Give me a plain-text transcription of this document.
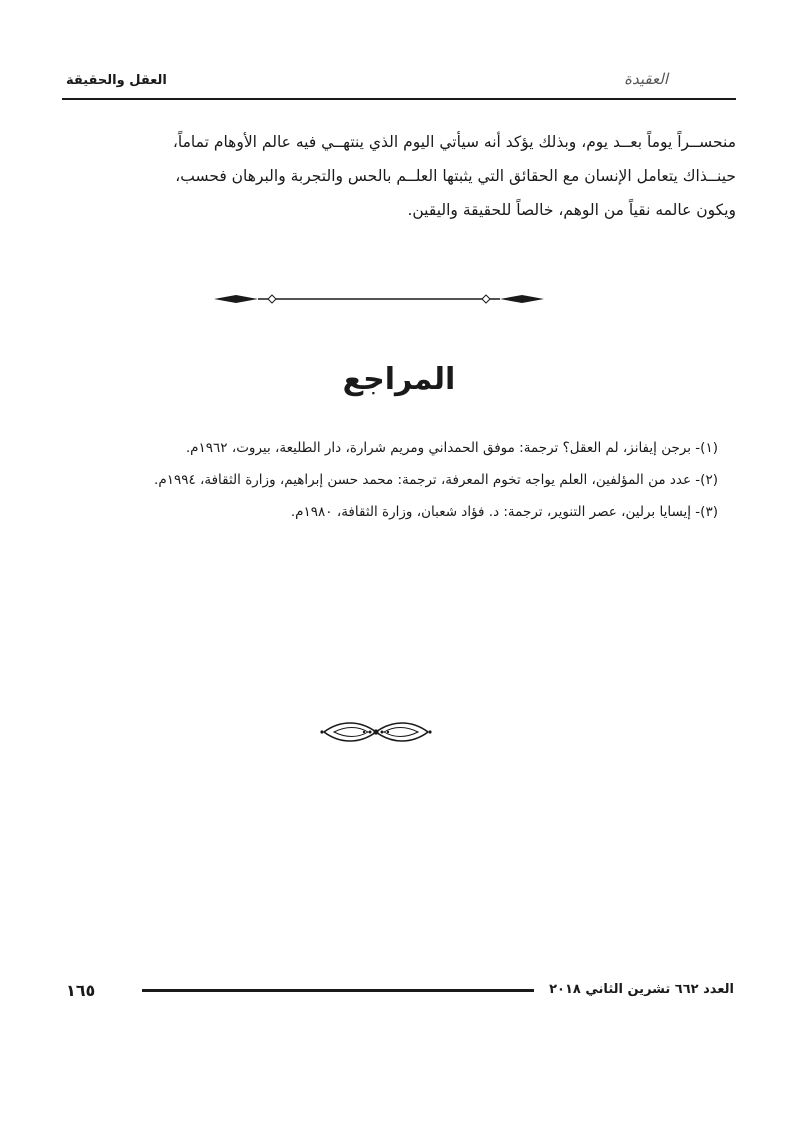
العقيدة
العقل والحقيقة
منحســراً يوماً بعــد يوم، وبذلك يؤكد أنه سيأتي اليوم الذي ينتهــي فيه عالم الأوهام تماماً،
حينــذاك يتعامل الإنسان مع الحقائق التي يثبتها العلــم بالحس والتجربة والبرهان فحسب،
ويكون عالمه نقياً من الوهم، خالصاً للحقيقة واليقين.
المراجع
(١)- برجن إيفانز، لم العقل؟ ترجمة: موفق الحمداني ومريم شرارة، دار الطليعة، بيروت، ١٩٦٢م.
(٢)- عدد من المؤلفين، العلم يواجه تخوم المعرفة، ترجمة: محمد حسن إبراهيم، وزارة الثقافة، ١٩٩٤م.
(٣)- إيسايا برلين، عصر التنوير، ترجمة: د. فؤاد شعبان، وزارة الثقافة، ١٩٨٠م.
١٦٥	العدد ٦٦٢ تشرين الثاني ٢٠١٨
